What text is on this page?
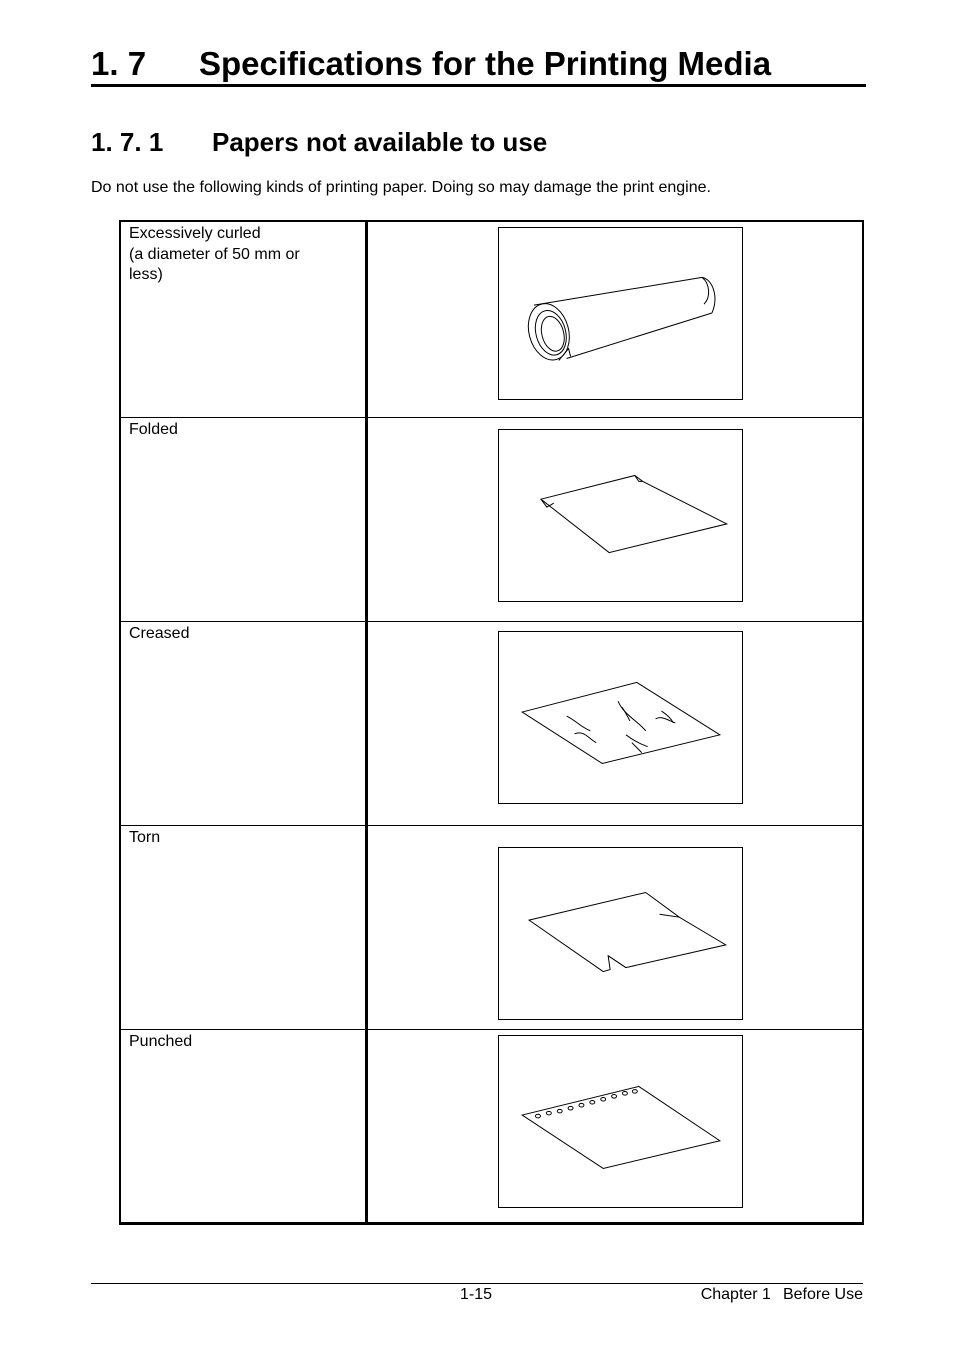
1. 7 Specifications for the Printing Media
1. 7. 1 Papers not available to use
Do not use the following kinds of printing paper. Doing so may damage the print engine.
Excessively curled
(a diameter of 50 mm or
less)

Folded

Creased

Torn

Punched

1-15	Chapter 1 Before Use
